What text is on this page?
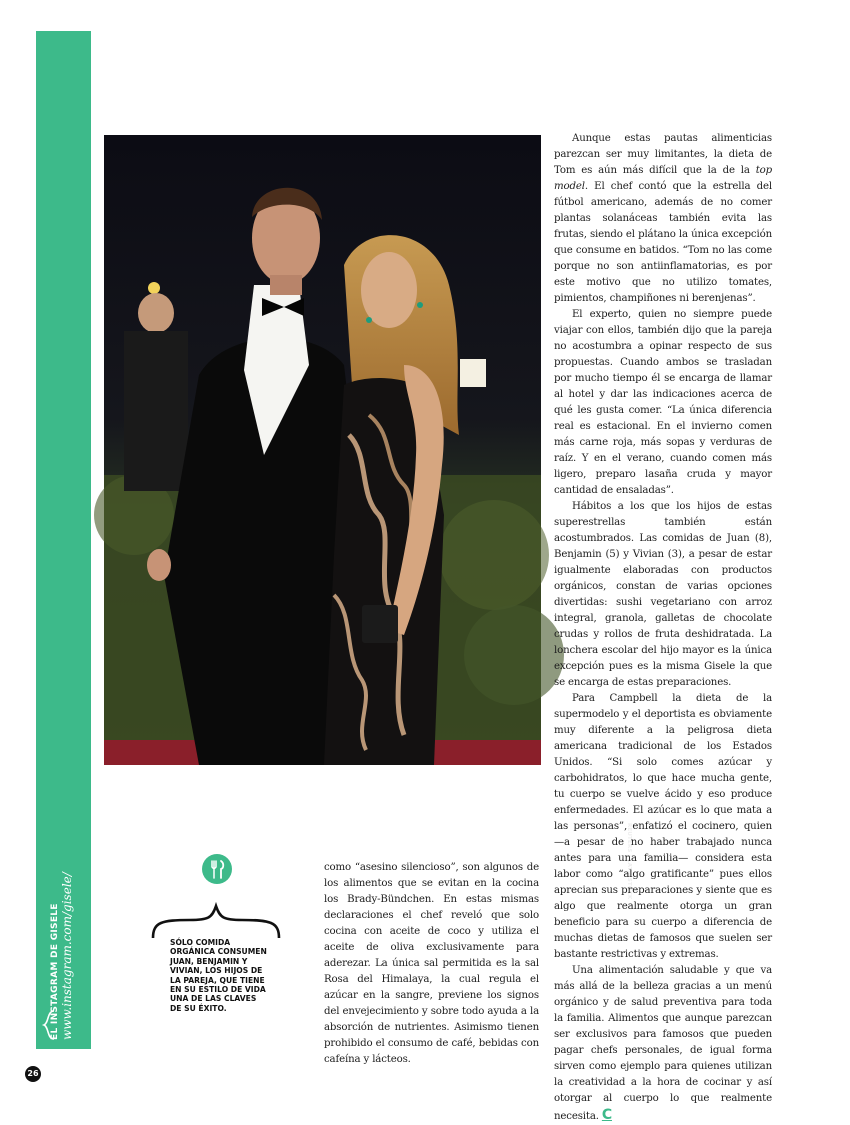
EL INSTAGRAM DE GISELE www.instagram.com/gisele/
26
REUTERS / LATINSTOCK
SÓLO COMIDA ORGÁNICA CONSUMEN JUAN, BENJAMIN Y VIVIAN, LOS HIJOS DE LA PAREJA, QUE TIENE EN SU ESTILO DE VIDA UNA DE LAS CLAVES DE SU ÉXITO.

como “asesino silencioso”, son algunos de los alimentos que se evitan en la cocina los Brady-Bündchen. En estas mismas declaraciones el chef reveló que solo cocina con aceite de coco y utiliza el aceite de oliva exclusivamente para aderezar. La única sal permitida es la sal Rosa del Himalaya, la cual regula el azúcar en la sangre, previene los signos del envejecimiento y sobre todo ayuda a la absorción de nutrientes. Asimismo tienen prohibido el consumo de café, bebidas con cafeína y lácteos.

Aunque estas pautas alimenticias parezcan ser muy limitantes, la dieta de Tom es aún más difícil que la de la top model. El chef contó que la estrella del fútbol americano, además de no comer plantas solanáceas también evita las frutas, siendo el plátano la única excepción que consume en batidos. “Tom no las come porque no son antiinflamatorias, es por este motivo que no utilizo tomates, pimientos, champiñones ni berenjenas”.

El experto, quien no siempre puede viajar con ellos, también dijo que la pareja no acostumbra a opinar respecto de sus propuestas. Cuando ambos se trasladan por mucho tiempo él se encarga de llamar al hotel y dar las indicaciones acerca de qué les gusta comer. “La única diferencia real es estacional. En el invierno comen más carne roja, más sopas y verduras de raíz. Y en el verano, cuando comen más ligero, preparo lasaña cruda y mayor cantidad de ensaladas”.

Hábitos a los que los hijos de estas superestrellas también están acostumbrados. Las comidas de Juan (8), Benjamin (5) y Vivian (3), a pesar de estar igualmente elaboradas con productos orgánicos, constan de varias opciones divertidas: sushi vegetariano con arroz integral, granola, galletas de chocolate crudas y rollos de fruta deshidratada. La lonchera escolar del hijo mayor es la única excepción pues es la misma Gisele la que se encarga de estas preparaciones.

Para Campbell la dieta de la supermodelo y el deportista es obviamente muy diferente a la peligrosa dieta americana tradicional de los Estados Unidos. “Si solo comes azúcar y carbohidratos, lo que hace mucha gente, tu cuerpo se vuelve ácido y eso produce enfermedades. El azúcar es lo que mata a las personas”, enfatizó el cocinero, quien —a pesar de no haber trabajado nunca antes para una familia— considera esta labor como “algo gratificante” pues ellos aprecian sus preparaciones y siente que es algo que realmente otorga un gran beneficio para su cuerpo a diferencia de muchas dietas de famosos que suelen ser bastante restrictivas y extremas.

Una alimentación saludable y que va más allá de la belleza gracias a un menú orgánico y de salud preventiva para toda la familia. Alimentos que aunque parezcan ser exclusivos para famosos que pueden pagar chefs personales, de igual forma sirven como ejemplo para quienes utilizan la creatividad a la hora de cocinar y así otorgar al cuerpo lo que realmente necesita. C
